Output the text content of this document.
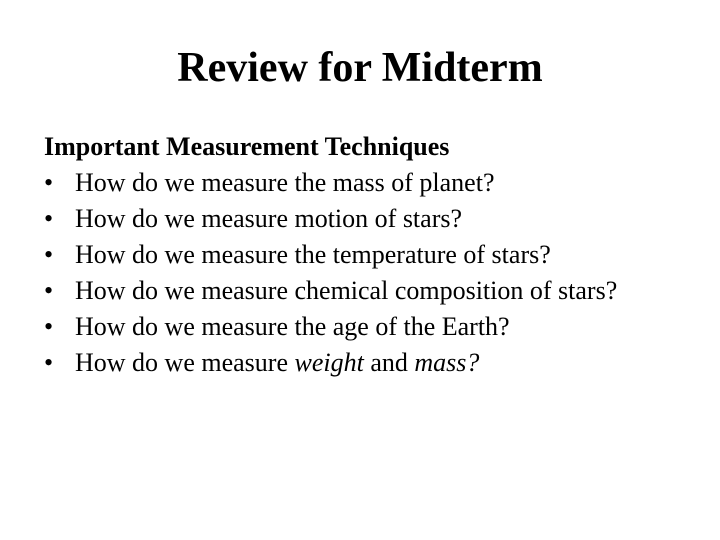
Review for Midterm

Important Measurement Techniques

• How do we measure the mass of planet?
• How do we measure motion of stars?
• How do we measure the temperature of stars?
• How do we measure chemical composition of stars?
• How do we measure the age of the Earth?
• How do we measure weight and mass?
